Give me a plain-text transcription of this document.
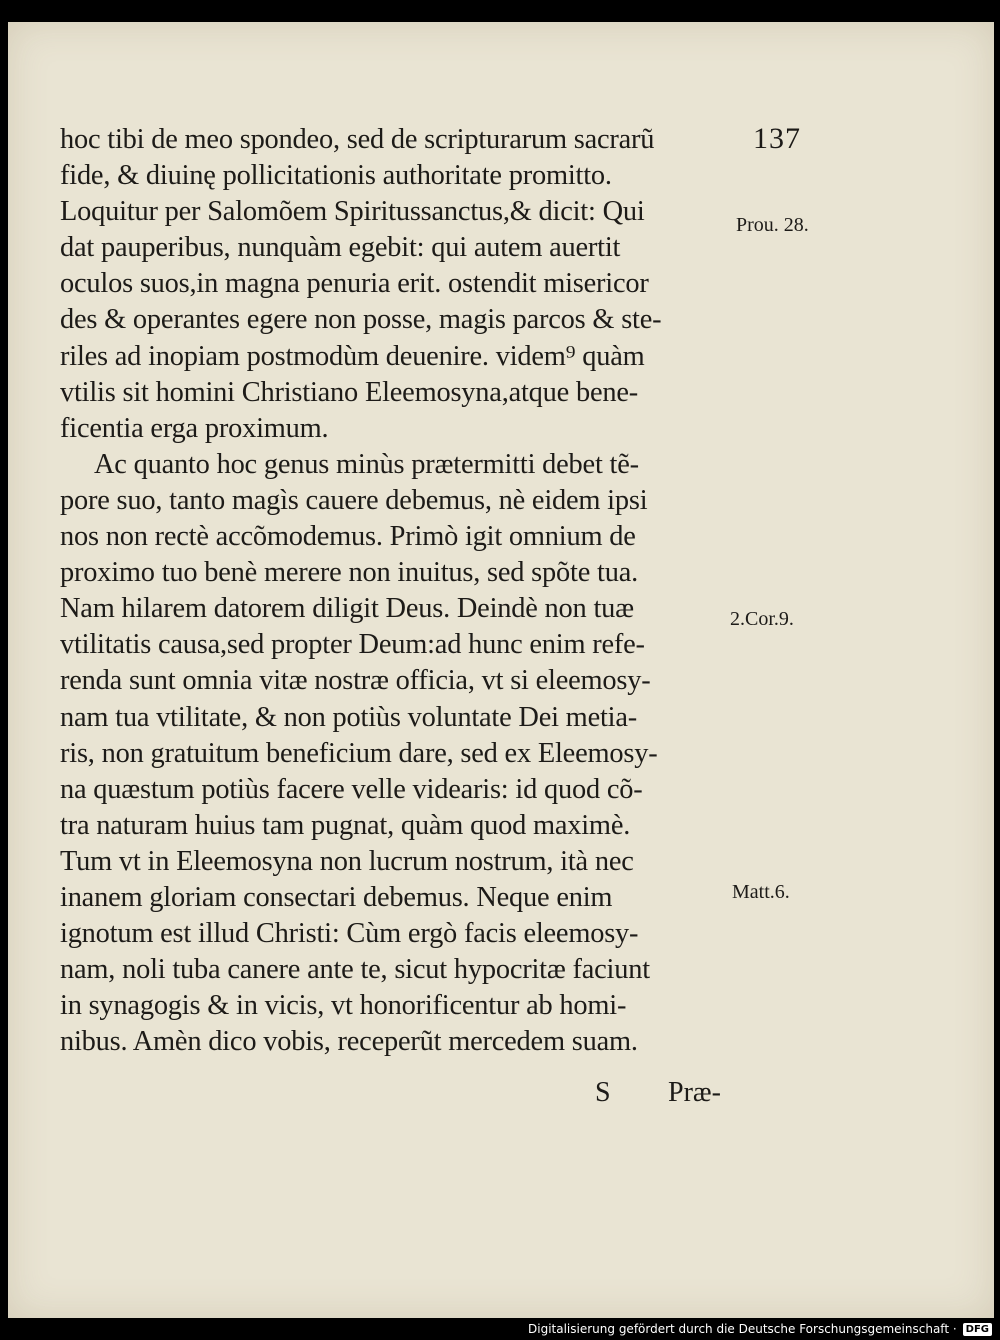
137
hoc tibi de meo spondeo, sed de scripturarum sacrarũ
fide, & diuinę pollicitationis authoritate promitto.
Loquitur per Salomõem Spiritussanctus,& dicit: Qui
dat pauperibus, nunquàm egebit: qui autem auertit
oculos suos,in magna penuria erit. ostendit misericor
des & operantes egere non posse, magis parcos & ste-
riles ad inopiam postmodùm deuenire. videm⁹ quàm
vtilis sit homini Christiano Eleemosyna,atque bene-
ficentia erga proximum.
Ac quanto hoc genus minùs prætermitti debet tẽ-
pore suo, tanto magìs cauere debemus, nè eidem ipsi
nos non rectè accõmodemus. Primò igit omnium de
proximo tuo benè merere non inuitus, sed spõte tua.
Nam hilarem datorem diligit Deus. Deindè non tuæ
vtilitatis causa,sed propter Deum:ad hunc enim refe-
renda sunt omnia vitæ nostræ officia, vt si eleemosy-
nam tua vtilitate, & non potiùs voluntate Dei metia-
ris, non gratuitum beneficium dare, sed ex Eleemosy-
na quæstum potiùs facere velle videaris: id quod cõ-
tra naturam huius tam pugnat, quàm quod maximè.
Tum vt in Eleemosyna non lucrum nostrum, ità nec
inanem gloriam consectari debemus. Neque enim
ignotum est illud Christi: Cùm ergò facis eleemosy-
nam, noli tuba canere ante te, sicut hypocritæ faciunt
in synagogis & in vicis, vt honorificentur ab homi-
nibus. Amèn dico vobis, receperũt mercedem suam.
Prou. 28.
2.Cor.9.
Matt.6.
S Præ-
Digitalisierung gefördert durch die Deutsche Forschungsgemeinschaft · DFG
